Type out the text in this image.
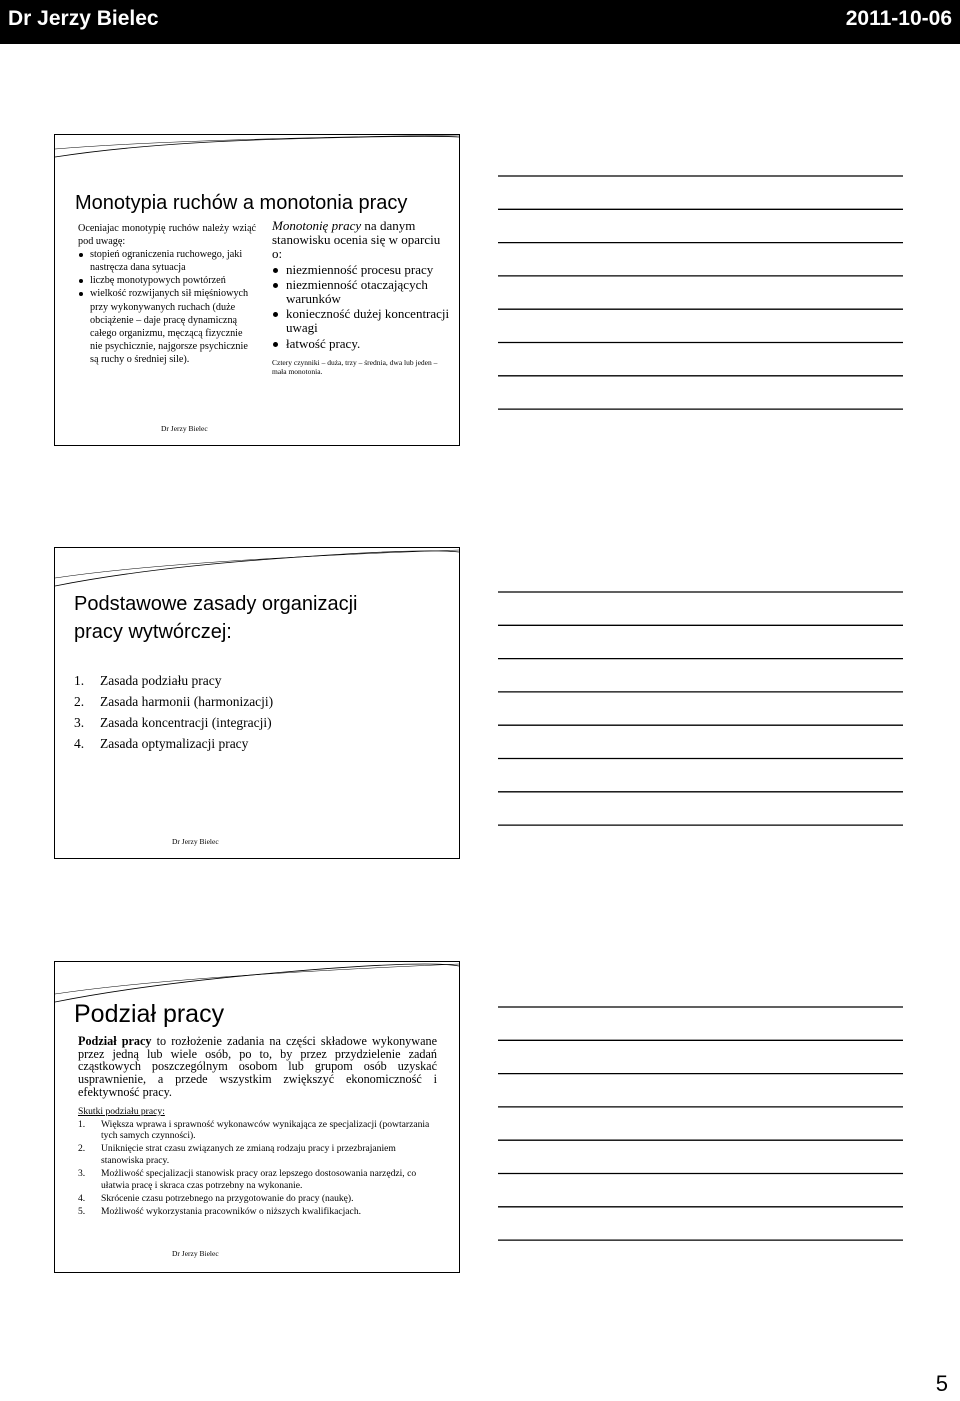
Dr Jerzy Bielec	2011-10-06
Monotypia ruchów a monotonia pracy

Oceniajac monotypię ruchów należy wziąć pod uwagę:

stopień ograniczenia ruchowego, jaki nastręcza dana sytuacja
liczbę monotypowych powtórzeń
wielkość rozwijanych sił mięśniowych przy wykonywanych ruchach (duże obciążenie – daje pracę dynamiczną całego organizmu, męczącą fizycznie nie psychicznie, najgorsze psychicznie są ruchy o średniej sile).

Monotonię pracy na danym stanowisku ocenia się w oparciu o:

niezmienność procesu pracy
niezmienność otaczających warunków
konieczność dużej koncentracji uwagi
łatwość pracy.
Cztery czynniki – duża, trzy – średnia, dwa lub jeden – mała monotonia.
Dr Jerzy Bielec
Podstawowe zasady organizacji
pracy wytwórczej:
1. Zasada podziału pracy
2. Zasada harmonii (harmonizacji)
3. Zasada koncentracji (integracji)
4. Zasada optymalizacji pracy
Dr Jerzy Bielec
Podział pracy

Podział pracy to rozłożenie zadania na części składowe wykonywane przez jedną lub wiele osób, po to, by przez przydzielenie zadań cząstkowych poszczególnym osobom lub grupom osób uzyskać usprawnienie, a przede wszystkim zwiększyć ekonomiczność i efektywność pracy.

Skutki podziału pracy:
1. Większa wprawa i sprawność wykonawców wynikająca ze specjalizacji (powtarzania tych samych czynności).
2. Uniknięcie strat czasu związanych ze zmianą rodzaju pracy i przezbrajaniem stanowiska pracy.
3. Możliwość specjalizacji stanowisk pracy oraz lepszego dostosowania narzędzi, co ułatwia pracę i skraca czas potrzebny na wykonanie.
4. Skrócenie czasu potrzebnego na przygotowanie do pracy (naukę).
5. Możliwość wykorzystania pracowników o niższych kwalifikacjach.
Dr Jerzy Bielec
5
